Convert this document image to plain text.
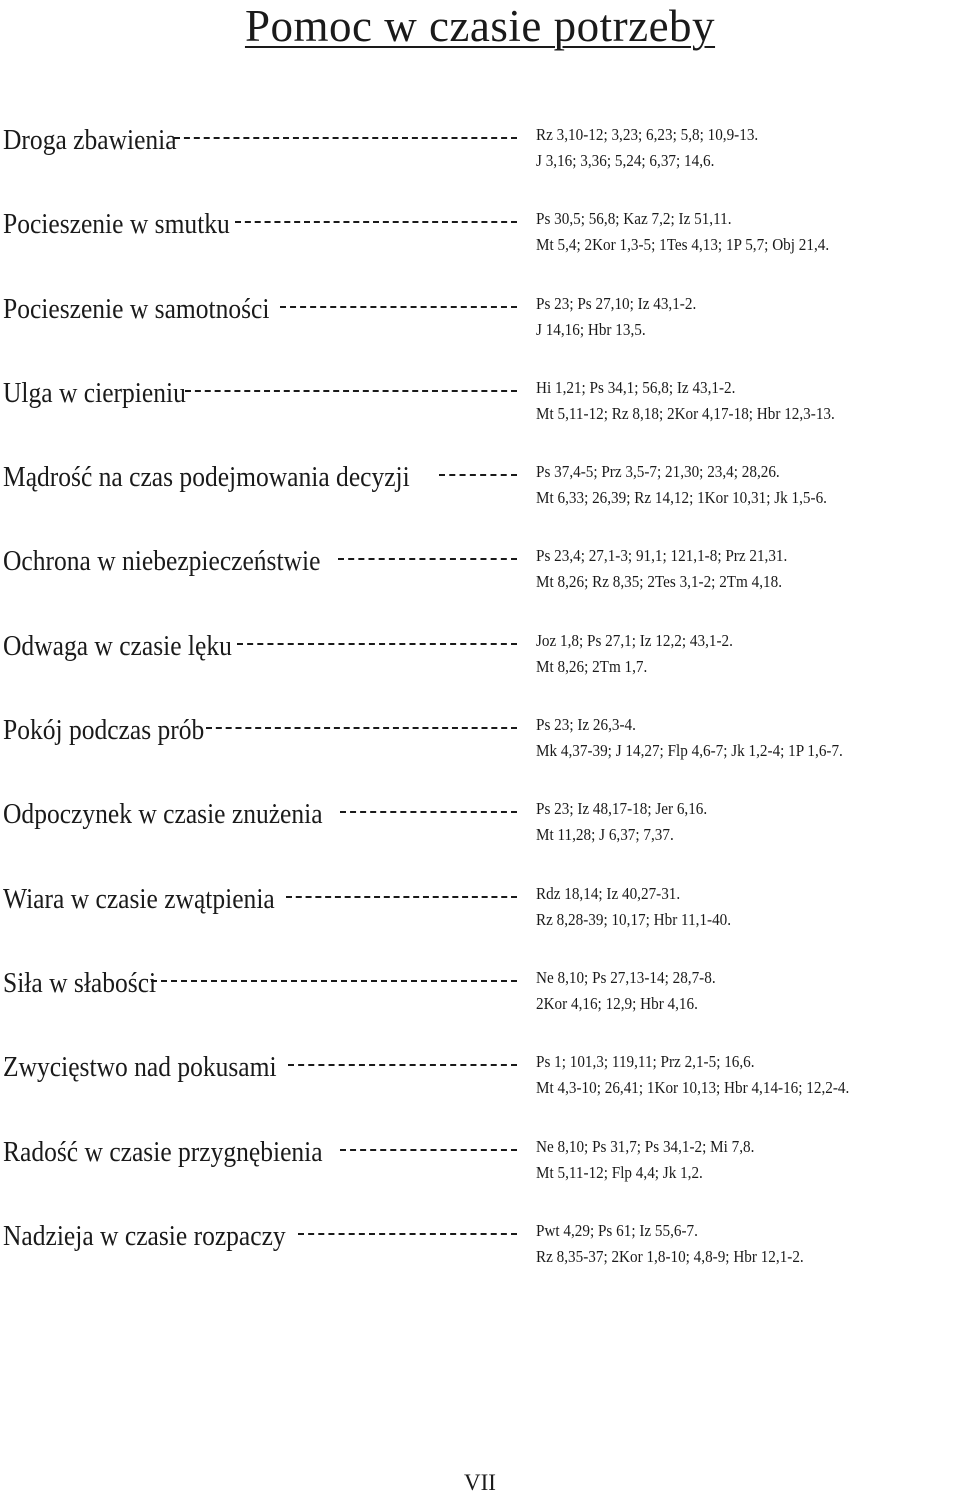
Pomoc w czasie potrzeby
Droga zbawienia	Rz 3,10-12; 3,23; 6,23; 5,8; 10,9-13.
J 3,16; 3,36; 5,24; 6,37; 14,6.
Pocieszenie w smutku	Ps 30,5; 56,8; Kaz 7,2; Iz 51,11.
Mt 5,4; 2Kor 1,3-5; 1Tes 4,13; 1P 5,7; Obj 21,4.
Pocieszenie w samotności	Ps 23; Ps 27,10; Iz 43,1-2.
J 14,16; Hbr 13,5.
Ulga w cierpieniu	Hi 1,21; Ps 34,1; 56,8; Iz 43,1-2.
Mt 5,11-12; Rz 8,18; 2Kor 4,17-18; Hbr 12,3-13.
Mądrość na czas podejmowania decyzji	Ps 37,4-5; Prz 3,5-7; 21,30; 23,4; 28,26.
Mt 6,33; 26,39; Rz 14,12; 1Kor 10,31; Jk 1,5-6.
Ochrona w niebezpieczeństwie	Ps 23,4; 27,1-3; 91,1; 121,1-8; Prz 21,31.
Mt 8,26; Rz 8,35; 2Tes 3,1-2; 2Tm 4,18.
Odwaga w czasie lęku	Joz 1,8; Ps 27,1; Iz 12,2; 43,1-2.
Mt 8,26; 2Tm 1,7.
Pokój podczas prób	Ps 23; Iz 26,3-4.
Mk 4,37-39; J 14,27; Flp 4,6-7; Jk 1,2-4; 1P 1,6-7.
Odpoczynek w czasie znużenia	Ps 23; Iz 48,17-18; Jer 6,16.
Mt 11,28; J 6,37; 7,37.
Wiara w czasie zwątpienia	Rdz 18,14; Iz 40,27-31.
Rz 8,28-39; 10,17; Hbr 11,1-40.
Siła w słabości	Ne 8,10; Ps 27,13-14; 28,7-8.
2Kor 4,16; 12,9; Hbr 4,16.
Zwycięstwo nad pokusami	Ps 1; 101,3; 119,11; Prz 2,1-5; 16,6.
Mt 4,3-10; 26,41; 1Kor 10,13; Hbr 4,14-16; 12,2-4.
Radość w czasie przygnębienia	Ne 8,10; Ps 31,7; Ps 34,1-2; Mi 7,8.
Mt 5,11-12; Flp 4,4; Jk 1,2.
Nadzieja w czasie rozpaczy	Pwt 4,29; Ps 61; Iz 55,6-7.
Rz 8,35-37; 2Kor 1,8-10; 4,8-9; Hbr 12,1-2.
VII
